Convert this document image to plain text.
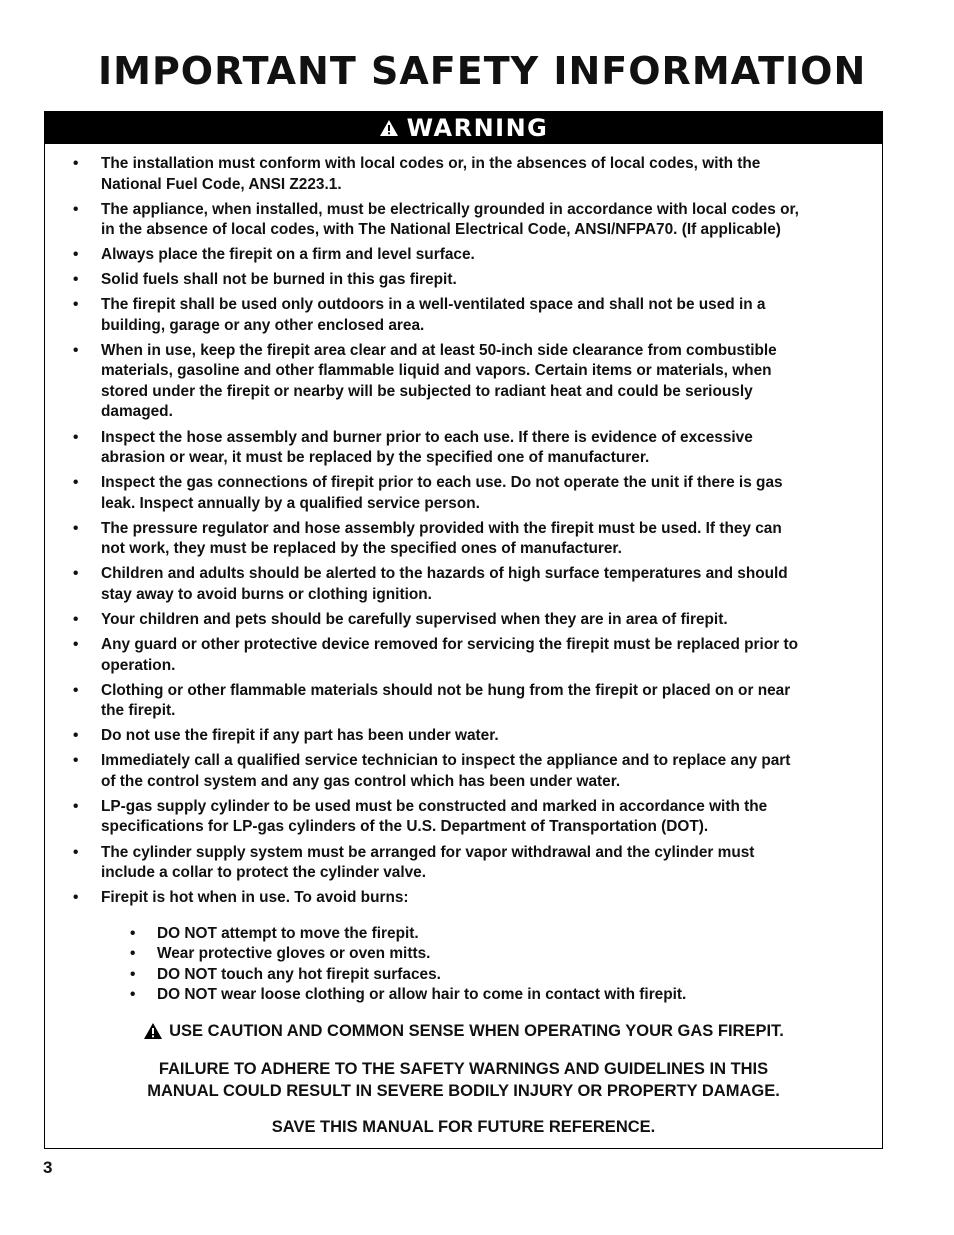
IMPORTANT SAFETY INFORMATION
WARNING
• The installation must conform with local codes or, in the absences of local codes, with the
National Fuel Code, ANSI Z223.1.
• The appliance, when installed, must be electrically grounded in accordance with local codes or,
in the absence of local codes, with The National Electrical Code, ANSI/NFPA70. (If applicable)
• Always place the firepit on a firm and level surface.
• Solid fuels shall not be burned in this gas firepit.
• The firepit shall be used only outdoors in a well-ventilated space and shall not be used in a
building, garage or any other enclosed area.
• When in use, keep the firepit area clear and at least 50-inch side clearance from combustible
materials, gasoline and other flammable liquid and vapors. Certain items or materials, when
stored under the firepit or nearby will be subjected to radiant heat and could be seriously
damaged.
• Inspect the hose assembly and burner prior to each use. If there is evidence of excessive
abrasion or wear, it must be replaced by the specified one of manufacturer.
• Inspect the gas connections of firepit prior to each use. Do not operate the unit if there is gas
leak. Inspect annually by a qualified service person.
• The pressure regulator and hose assembly provided with the firepit must be used. If they can
not work, they must be replaced by the specified ones of manufacturer.
• Children and adults should be alerted to the hazards of high surface temperatures and should
stay away to avoid burns or clothing ignition.
• Your children and pets should be carefully supervised when they are in area of firepit.
• Any guard or other protective device removed for servicing the firepit must be replaced prior to
operation.
• Clothing or other flammable materials should not be hung from the firepit or placed on or near
the firepit.
• Do not use the firepit if any part has been under water.
• Immediately call a qualified service technician to inspect the appliance and to replace any part
of the control system and any gas control which has been under water.
• LP-gas supply cylinder to be used must be constructed and marked in accordance with the
specifications for LP-gas cylinders of the U.S. Department of Transportation (DOT).
• The cylinder supply system must be arranged for vapor withdrawal and the cylinder must
include a collar to protect the cylinder valve.
• Firepit is hot when in use. To avoid burns:
• DO NOT attempt to move the firepit.
• Wear protective gloves or oven mitts.
• DO NOT touch any hot firepit surfaces.
• DO NOT wear loose clothing or allow hair to come in contact with firepit.
USE CAUTION AND COMMON SENSE WHEN OPERATING YOUR GAS FIREPIT.
FAILURE TO ADHERE TO THE SAFETY WARNINGS AND GUIDELINES IN THIS
MANUAL COULD RESULT IN SEVERE BODILY INJURY OR PROPERTY DAMAGE.
SAVE THIS MANUAL FOR FUTURE REFERENCE.
3
